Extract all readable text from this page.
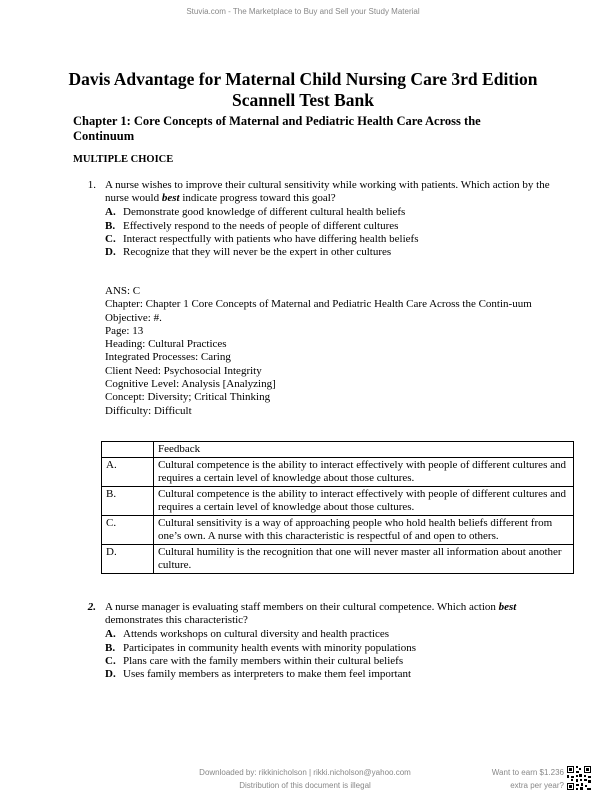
Stuvia.com - The Marketplace to Buy and Sell your Study Material
Davis Advantage for Maternal Child Nursing Care 3rd Edition
Scannell Test Bank
Chapter 1: Core Concepts of Maternal and Pediatric Health Care Across the Continuum
MULTIPLE CHOICE
1. A nurse wishes to improve their cultural sensitivity while working with patients. Which action by the nurse would best indicate progress toward this goal?
A. Demonstrate good knowledge of different cultural health beliefs
B. Effectively respond to the needs of people of different cultures
C. Interact respectfully with patients who have differing health beliefs
D. Recognize that they will never be the expert in other cultures
ANS: C
Chapter: Chapter 1 Core Concepts of Maternal and Pediatric Health Care Across the Contin-uum
Objective: #.
Page: 13
Heading: Cultural Practices
Integrated Processes: Caring
Client Need: Psychosocial Integrity
Cognitive Level: Analysis [Analyzing]
Concept: Diversity; Critical Thinking
Difficulty: Difficult
	Feedback
A.	Cultural competence is the ability to interact effectively with people of different cultures and requires a certain level of knowledge about those cultures.
B.	Cultural competence is the ability to interact effectively with people of different cultures and requires a certain level of knowledge about those cultures.
C.	Cultural sensitivity is a way of approaching people who hold health beliefs different from one’s own. A nurse with this characteristic is respectful of and open to others.
D.	Cultural humility is the recognition that one will never master all information about another culture.
2. A nurse manager is evaluating staff members on their cultural competence. Which action best demonstrates this characteristic?
A. Attends workshops on cultural diversity and health practices
B. Participates in community health events with minority populations
C. Plans care with the family members within their cultural beliefs
D. Uses family members as interpreters to make them feel important
Downloaded by: rikkinicholson | rikki.nicholson@yahoo.com
Distribution of this document is illegal
Want to earn $1.236
extra per year?
